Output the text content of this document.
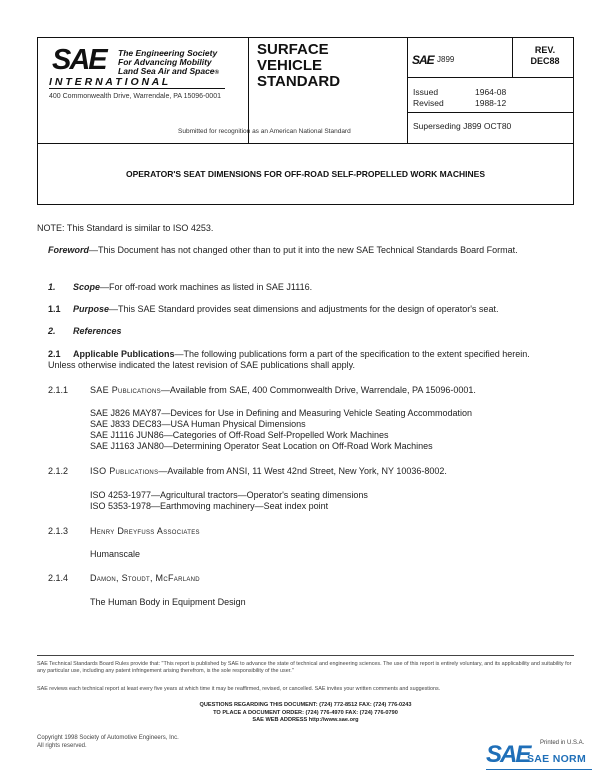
SAE The Engineering Society
For Advancing Mobility
Land Sea Air and Space®
I N T E R N A T I O N A L
400 Commonwealth Drive, Warrendale, PA 15096-0001
SURFACE
VEHICLE
STANDARD
SAE J899
REV.
DEC88
Issued	1964-08
Revised	1988-12
Superseding J899 OCT80
Submitted for recognition as an American National Standard
OPERATOR'S SEAT DIMENSIONS FOR OFF-ROAD SELF-PROPELLED WORK MACHINES
NOTE: This Standard is similar to ISO 4253.
Foreword—This Document has not changed other than to put it into the new SAE Technical Standards Board Format.
1. Scope—For off-road work machines as listed in SAE J1116.
1.1 Purpose—This SAE Standard provides seat dimensions and adjustments for the design of operator's seat.
2. References
2.1	Applicable Publications—The following publications form a part of the specification to the extent specified herein. Unless otherwise indicated the latest revision of SAE publications shall apply.
2.1.1 SAE Publications—Available from SAE, 400 Commonwealth Drive, Warrendale, PA 15096-0001.
SAE J826 MAY87—Devices for Use in Defining and Measuring Vehicle Seating Accommodation
SAE J833 DEC83—USA Human Physical Dimensions
SAE J1116 JUN86—Categories of Off-Road Self-Propelled Work Machines
SAE J1163 JAN80—Determining Operator Seat Location on Off-Road Work Machines
2.1.2 ISO Publications—Available from ANSI, 11 West 42nd Street, New York, NY 10036-8002.
ISO 4253-1977—Agricultural tractors—Operator's seating dimensions
ISO 5353-1978—Earthmoving machinery—Seat index point
2.1.3 Henry Dreyfuss Associates
Humanscale
2.1.4 Damon, Stoudt, McFarland
The Human Body in Equipment Design
SAE Technical Standards Board Rules provide that: "This report is published by SAE to advance the state of technical and engineering sciences. The use of this report is entirely voluntary, and its applicability and suitability for any particular use, including any patent infringement arising therefrom, is the sole responsibility of the user."
SAE reviews each technical report at least every five years at which time it may be reaffirmed, revised, or cancelled. SAE invites your written comments and suggestions.
QUESTIONS REGARDING THIS DOCUMENT: (724) 772-8512 FAX: (724) 776-0243
TO PLACE A DOCUMENT ORDER: (724) 776-4970 FAX: (724) 776-0790
SAE WEB ADDRESS http://www.sae.org
Copyright 1998 Society of Automotive Engineers, Inc.
All rights reserved.	Printed in U.S.A.
SAE
SAE NORM
